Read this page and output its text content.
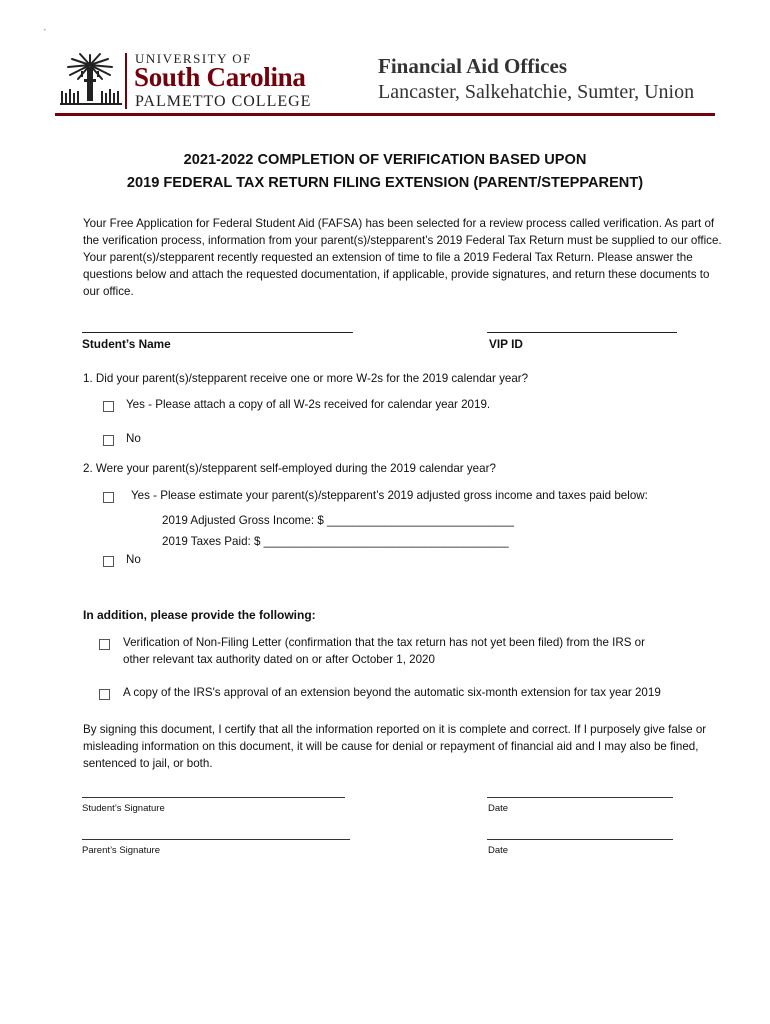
’
UNIVERSITY OF
South Carolina
PALMETTO COLLEGE
Financial Aid Offices
Lancaster, Salkehatchie, Sumter, Union
2021-2022 COMPLETION OF VERIFICATION BASED UPON
2019 FEDERAL TAX RETURN FILING EXTENSION (PARENT/STEPPARENT)
Your Free Application for Federal Student Aid (FAFSA) has been selected for a review process called verification. As part of the verification process, information from your parent(s)/stepparent’s 2019 Federal Tax Return must be supplied to our office. Your parent(s)/stepparent recently requested an extension of time to file a 2019 Federal Tax Return. Please answer the questions below and attach the requested documentation, if applicable, provide signatures, and return these documents to our office.
Student’s Name	VIP ID
1. Did your parent(s)/stepparent receive one or more W-2s for the 2019 calendar year?
Yes - Please attach a copy of all W-2s received for calendar year 2019.
No
2. Were your parent(s)/stepparent self-employed during the 2019 calendar year?
Yes - Please estimate your parent(s)/stepparent’s 2019 adjusted gross income and taxes paid below:
2019 Adjusted Gross Income: $ _____________________________
2019 Taxes Paid: $ ______________________________________
No
In addition, please provide the following:
Verification of Non-Filing Letter (confirmation that the tax return has not yet been filed) from the IRS or
other relevant tax authority dated on or after October 1, 2020
A copy of the IRS's approval of an extension beyond the automatic six-month extension for tax year 2019
By signing this document, I certify that all the information reported on it is complete and correct. If I purposely give false or misleading information on this document, it will be cause for denial or repayment of financial aid and I may also be fined, sentenced to jail, or both.
Student’s Signature	Date
Parent’s Signature	Date
